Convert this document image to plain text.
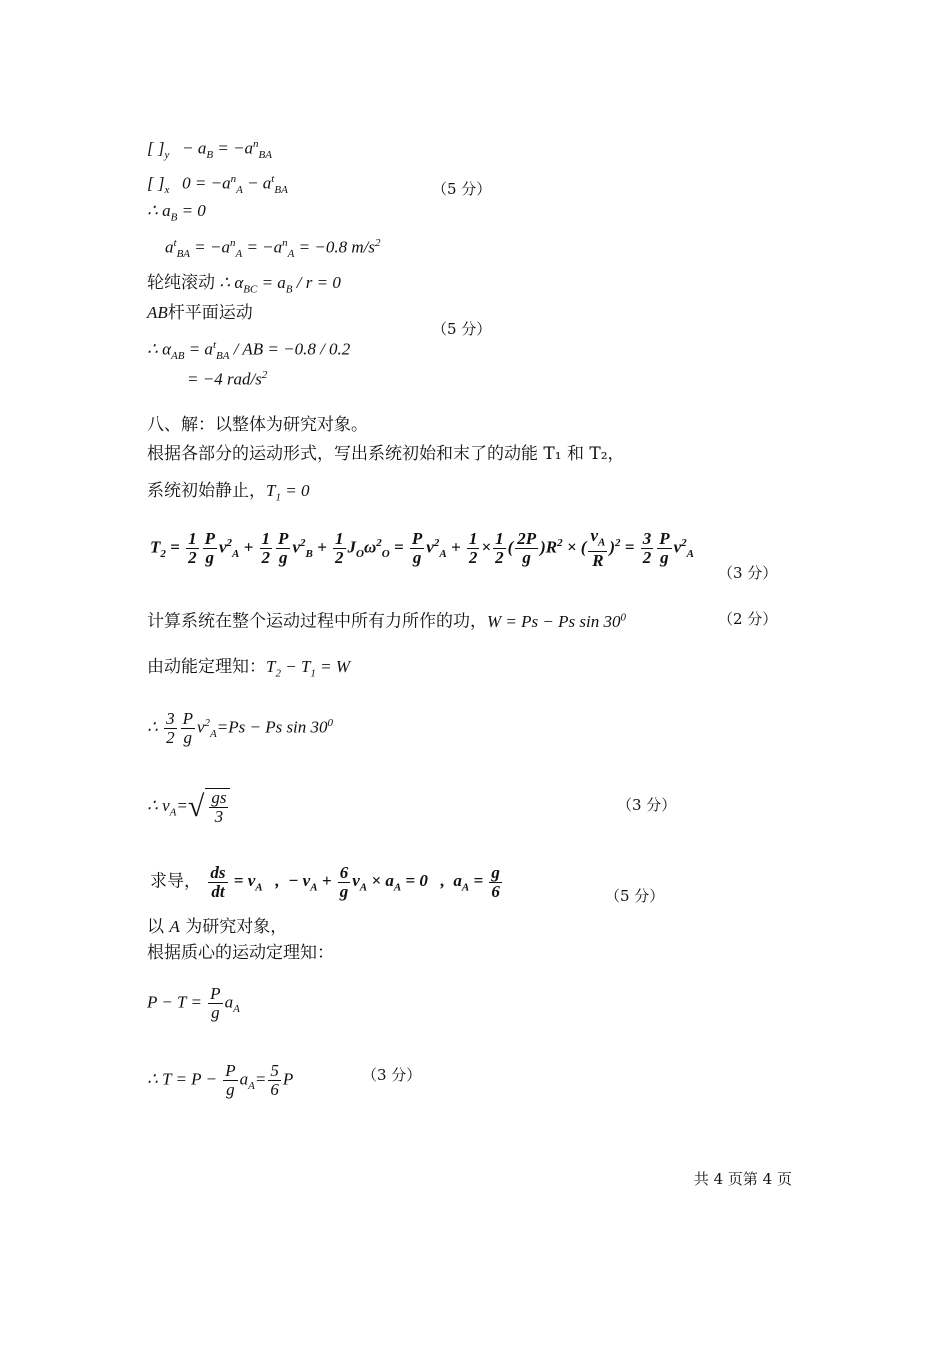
[ ]$_y - a_B = -a^n_{BA}$
[ ]$_x$   $0 = -a^n_A - a^t_{BA}$	（5 分）
∴ $a_B = 0$
$a^t_{BA} = -a^n_A = -a^n_A = -0.8$ $m/s^2$
轮纯滚动 ∴ $\alpha_{BC} = a_B / r = 0$
AB杆平面运动
（5 分）
∴ $\alpha_{AB} = a^t_{BA}$ / AB = −0.8 / 0.2
= −4 rad/$s^2$
八、解：以整体为研究对象。
根据各部分的运动形式，写出系统初始和末了的动能 T₁ 和 T₂，
系统初始静止，$T_1 = 0$
$T_2 = \frac{1}{2} \frac{P}{g} v^2_A + \frac{1}{2} \frac{P}{g} v^2_B + \frac{1}{2} J_O\omega^2_O = \frac{P}{g} v^2_A + \frac{1}{2} \times \frac{1}{2}$ ( $\frac{2P}{g} )R^2$ × ( $\frac{v_A}{R} )^2 = \frac{3}{2} \frac{P}{g} v^2_A$
（3 分）
计算系统在整个运动过程中所有力所作的功，W = Ps − Ps $\sin 30^0$	（2 分）
由动能定理知：$T_2 - T_1 = W$
∴ $\frac{3}{2} \frac{P}{g} v^2_A=Ps - Ps$ $\sin 30^0$
∴ $v_A=√ \frac{gs}{3}$	（3 分）
求导， $\frac{ds}{dt} = v_A$   ,  − $v_A + \frac{6}{g} v_A \times a_A = 0$   ,  $a_A = \frac{g}{6}$	（5 分）
以 A 为研究对象，
根据质心的运动定理知：
$P - T = \frac{P}{g} a_A$
∴ $T = P - \frac{P}{g} a_A= \frac{5}{6}$ P	（3 分）
共 4 页第 4 页
